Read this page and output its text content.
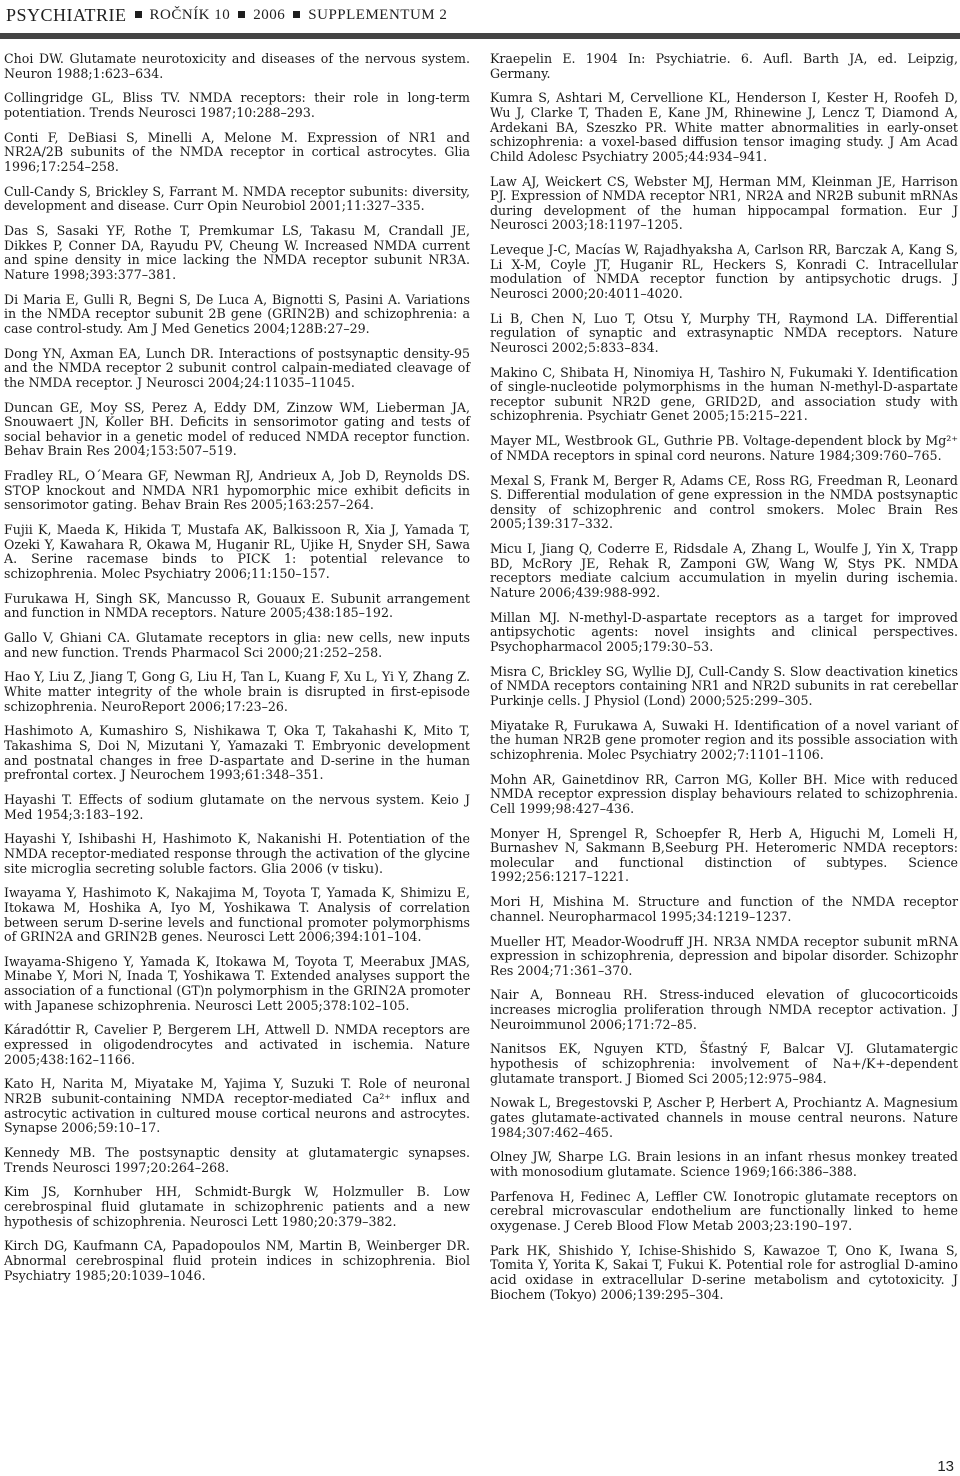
PSYCHIATRIE ROČNÍK 10 2006 SUPPLEMENTUM 2

Choi DW. Glutamate neurotoxicity and diseases of the nervous system. Neuron 1988;1:623–634.

Collingridge GL, Bliss TV. NMDA receptors: their role in long-term potentiation. Trends Neurosci 1987;10:288–293.

Conti F, DeBiasi S, Minelli A, Melone M. Expression of NR1 and NR2A/2B subunits of the NMDA receptor in cortical astrocytes. Glia 1996;17:254–258.

Cull-Candy S, Brickley S, Farrant M. NMDA receptor subunits: diversity, development and disease. Curr Opin Neurobiol 2001;11:327–335.

Das S, Sasaki YF, Rothe T, Premkumar LS, Takasu M, Crandall JE, Dikkes P, Conner DA, Rayudu PV, Cheung W. Increased NMDA current and spine density in mice lacking the NMDA receptor subunit NR3A. Nature 1998;393:377–381.

Di Maria E, Gulli R, Begni S, De Luca A, Bignotti S, Pasini A. Variations in the NMDA receptor subunit 2B gene (GRIN2B) and schizophrenia: a case control-study. Am J Med Genetics 2004;128B:27–29.

Dong YN, Axman EA, Lunch DR. Interactions of postsynaptic density-95 and the NMDA receptor 2 subunit control calpain-mediated cleavage of the NMDA receptor. J Neurosci 2004;24:11035–11045.

Duncan GE, Moy SS, Perez A, Eddy DM, Zinzow WM, Lieberman JA, Snouwaert JN, Koller BH. Deficits in sensorimotor gating and tests of social behavior in a genetic model of reduced NMDA receptor function. Behav Brain Res 2004;153:507–519.

Fradley RL, O´Meara GF, Newman RJ, Andrieux A, Job D, Reynolds DS. STOP knockout and NMDA NR1 hypomorphic mice exhibit deficits in sensorimotor gating. Behav Brain Res 2005;163:257–264.

Fujii K, Maeda K, Hikida T, Mustafa AK, Balkissoon R, Xia J, Yamada T, Ozeki Y, Kawahara R, Okawa M, Huganir RL, Ujike H, Snyder SH, Sawa A. Serine racemase binds to PICK 1: potential relevance to schizophrenia. Molec Psychiatry 2006;11:150–157.

Furukawa H, Singh SK, Mancusso R, Gouaux E. Subunit arrangement and function in NMDA receptors. Nature 2005;438:185–192.

Gallo V, Ghiani CA. Glutamate receptors in glia: new cells, new inputs and new function. Trends Pharmacol Sci 2000;21:252–258.

Hao Y, Liu Z, Jiang T, Gong G, Liu H, Tan L, Kuang F, Xu L, Yi Y, Zhang Z. White matter integrity of the whole brain is disrupted in first-episode schizophrenia. NeuroReport 2006;17:23–26.

Hashimoto A, Kumashiro S, Nishikawa T, Oka T, Takahashi K, Mito T, Takashima S, Doi N, Mizutani Y, Yamazaki T. Embryonic development and postnatal changes in free D-aspartate and D-serine in the human prefrontal cortex. J Neurochem 1993;61:348–351.

Hayashi T. Effects of sodium glutamate on the nervous system. Keio J Med 1954;3:183–192.

Hayashi Y, Ishibashi H, Hashimoto K, Nakanishi H. Potentiation of the NMDA receptor-mediated response through the activation of the glycine site microglia secreting soluble factors. Glia 2006 (v tisku).

Iwayama Y, Hashimoto K, Nakajima M, Toyota T, Yamada K, Shimizu E, Itokawa M, Hoshika A, Iyo M, Yoshikawa T. Analysis of correlation between serum D-serine levels and functional promoter polymorphisms of GRIN2A and GRIN2B genes. Neurosci Lett 2006;394:101–104.

Iwayama-Shigeno Y, Yamada K, Itokawa M, Toyota T, Meerabux JMAS, Minabe Y, Mori N, Inada T, Yoshikawa T. Extended analyses support the association of a functional (GT)n polymorphism in the GRIN2A promoter with Japanese schizophrenia. Neurosci Lett 2005;378:102–105.

Káradóttir R, Cavelier P, Bergerem LH, Attwell D. NMDA receptors are expressed in oligodendrocytes and activated in ischemia. Nature 2005;438:162–1166.

Kato H, Narita M, Miyatake M, Yajima Y, Suzuki T. Role of neuronal NR2B subunit-containing NMDA receptor-mediated Ca²⁺ influx and astrocytic activation in cultured mouse cortical neurons and astrocytes. Synapse 2006;59:10–17.

Kennedy MB. The postsynaptic density at glutamatergic synapses. Trends Neurosci 1997;20:264–268.

Kim JS, Kornhuber HH, Schmidt-Burgk W, Holzmuller B. Low cerebrospinal fluid glutamate in schizophrenic patients and a new hypothesis of schizophrenia. Neurosci Lett 1980;20:379–382.

Kirch DG, Kaufmann CA, Papadopoulos NM, Martin B, Weinberger DR. Abnormal cerebrospinal fluid protein indices in schizophrenia. Biol Psychiatry 1985;20:1039–1046.

Kraepelin E. 1904 In: Psychiatrie. 6. Aufl. Barth JA, ed. Leipzig, Germany.

Kumra S, Ashtari M, Cervellione KL, Henderson I, Kester H, Roofeh D, Wu J, Clarke T, Thaden E, Kane JM, Rhinewine J, Lencz T, Diamond A, Ardekani BA, Szeszko PR. White matter abnormalities in early-onset schizophrenia: a voxel-based diffusion tensor imaging study. J Am Acad Child Adolesc Psychiatry 2005;44:934–941.

Law AJ, Weickert CS, Webster MJ, Herman MM, Kleinman JE, Harrison PJ. Expression of NMDA receptor NR1, NR2A and NR2B subunit mRNAs during development of the human hippocampal formation. Eur J Neurosci 2003;18:1197–1205.

Leveque J-C, Macías W, Rajadhyaksha A, Carlson RR, Barczak A, Kang S, Li X-M, Coyle JT, Huganir RL, Heckers S, Konradi C. Intracellular modulation of NMDA receptor function by antipsychotic drugs. J Neurosci 2000;20:4011–4020.

Li B, Chen N, Luo T, Otsu Y, Murphy TH, Raymond LA. Differential regulation of synaptic and extrasynaptic NMDA receptors. Nature Neurosci 2002;5:833–834.

Makino C, Shibata H, Ninomiya H, Tashiro N, Fukumaki Y. Identification of single-nucleotide polymorphisms in the human N-methyl-D-aspartate receptor subunit NR2D gene, GRID2D, and association study with schizophrenia. Psychiatr Genet 2005;15:215–221.

Mayer ML, Westbrook GL, Guthrie PB. Voltage-dependent block by Mg²⁺ of NMDA receptors in spinal cord neurons. Nature 1984;309:760–765.

Mexal S, Frank M, Berger R, Adams CE, Ross RG, Freedman R, Leonard S. Differential modulation of gene expression in the NMDA postsynaptic density of schizophrenic and control smokers. Molec Brain Res 2005;139:317–332.

Micu I, Jiang Q, Coderre E, Ridsdale A, Zhang L, Woulfe J, Yin X, Trapp BD, McRory JE, Rehak R, Zamponi GW, Wang W, Stys PK. NMDA receptors mediate calcium accumulation in myelin during ischemia. Nature 2006;439:988-992.

Millan MJ. N-methyl-D-aspartate receptors as a target for improved antipsychotic agents: novel insights and clinical perspectives. Psychopharmacol 2005;179:30–53.

Misra C, Brickley SG, Wyllie DJ, Cull-Candy S. Slow deactivation kinetics of NMDA receptors containing NR1 and NR2D subunits in rat cerebellar Purkinje cells. J Physiol (Lond) 2000;525:299–305.

Miyatake R, Furukawa A, Suwaki H. Identification of a novel variant of the human NR2B gene promoter region and its possible association with schizophrenia. Molec Psychiatry 2002;7:1101–1106.

Mohn AR, Gainetdinov RR, Carron MG, Koller BH. Mice with reduced NMDA receptor expression display behaviours related to schizophrenia. Cell 1999;98:427–436.

Monyer H, Sprengel R, Schoepfer R, Herb A, Higuchi M, Lomeli H, Burnashev N, Sakmann B,Seeburg PH. Heteromeric NMDA receptors: molecular and functional distinction of subtypes. Science 1992;256:1217–1221.

Mori H, Mishina M. Structure and function of the NMDA receptor channel. Neuropharmacol 1995;34:1219–1237.

Mueller HT, Meador-Woodruff JH. NR3A NMDA receptor subunit mRNA expression in schizophrenia, depression and bipolar disorder. Schizophr Res 2004;71:361–370.

Nair A, Bonneau RH. Stress-induced elevation of glucocorticoids increases microglia proliferation through NMDA receptor activation. J Neuroimmunol 2006;171:72–85.

Nanitsos EK, Nguyen KTD, Šťastný F, Balcar VJ. Glutamatergic hypothesis of schizophrenia: involvement of Na+/K+-dependent glutamate transport. J Biomed Sci 2005;12:975–984.

Nowak L, Bregestovski P, Ascher P, Herbert A, Prochiantz A. Magnesium gates glutamate-activated channels in mouse central neurons. Nature 1984;307:462–465.

Olney JW, Sharpe LG. Brain lesions in an infant rhesus monkey treated with monosodium glutamate. Science 1969;166:386–388.

Parfenova H, Fedinec A, Leffler CW. Ionotropic glutamate receptors on cerebral microvascular endothelium are functionally linked to heme oxygenase. J Cereb Blood Flow Metab 2003;23:190–197.

Park HK, Shishido Y, Ichise-Shishido S, Kawazoe T, Ono K, Iwana S, Tomita Y, Yorita K, Sakai T, Fukui K. Potential role for astroglial D-amino acid oxidase in extracellular D-serine metabolism and cytotoxicity. J Biochem (Tokyo) 2006;139:295–304.

13
